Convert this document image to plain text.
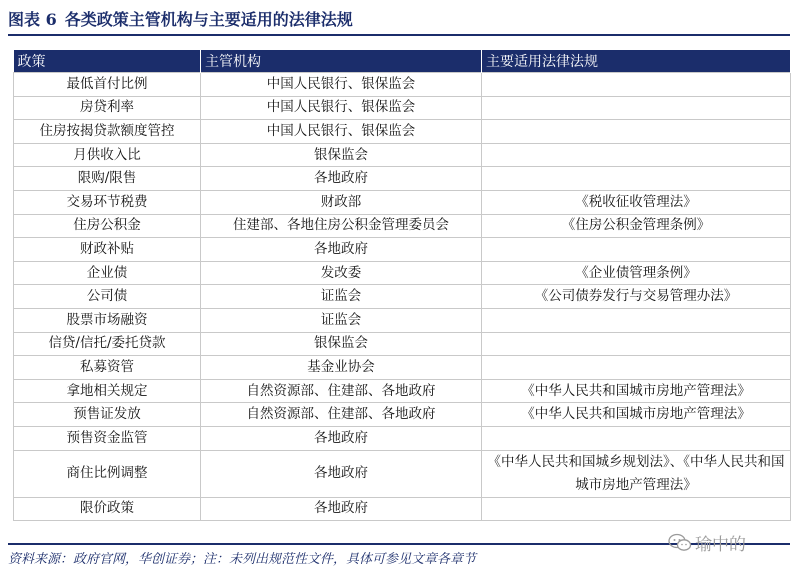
图表 6 各类政策主管机构与主要适用的法律法规
政策	主管机构	主要适用法律法规
最低首付比例	中国人民银行、银保监会	
房贷利率	中国人民银行、银保监会	
住房按揭贷款额度管控	中国人民银行、银保监会	
月供收入比	银保监会	
限购/限售	各地政府	
交易环节税费	财政部	《税收征收管理法》
住房公积金	住建部、各地住房公积金管理委员会	《住房公积金管理条例》
财政补贴	各地政府	
企业债	发改委	《企业债管理条例》
公司债	证监会	《公司债券发行与交易管理办法》
股票市场融资	证监会	
信贷/信托/委托贷款	银保监会	
私募资管	基金业协会	
拿地相关规定	自然资源部、住建部、各地政府	《中华人民共和国城市房地产管理法》
预售证发放	自然资源部、住建部、各地政府	《中华人民共和国城市房地产管理法》
预售资金监管	各地政府	
商住比例调整	各地政府	《中华人民共和国城乡规划法》、《中华人民共和国城市房地产管理法》
限价政策	各地政府	
资料来源：政府官网，华创证券；注：未列出规范性文件，具体可参见文章各章节
瑜中的
